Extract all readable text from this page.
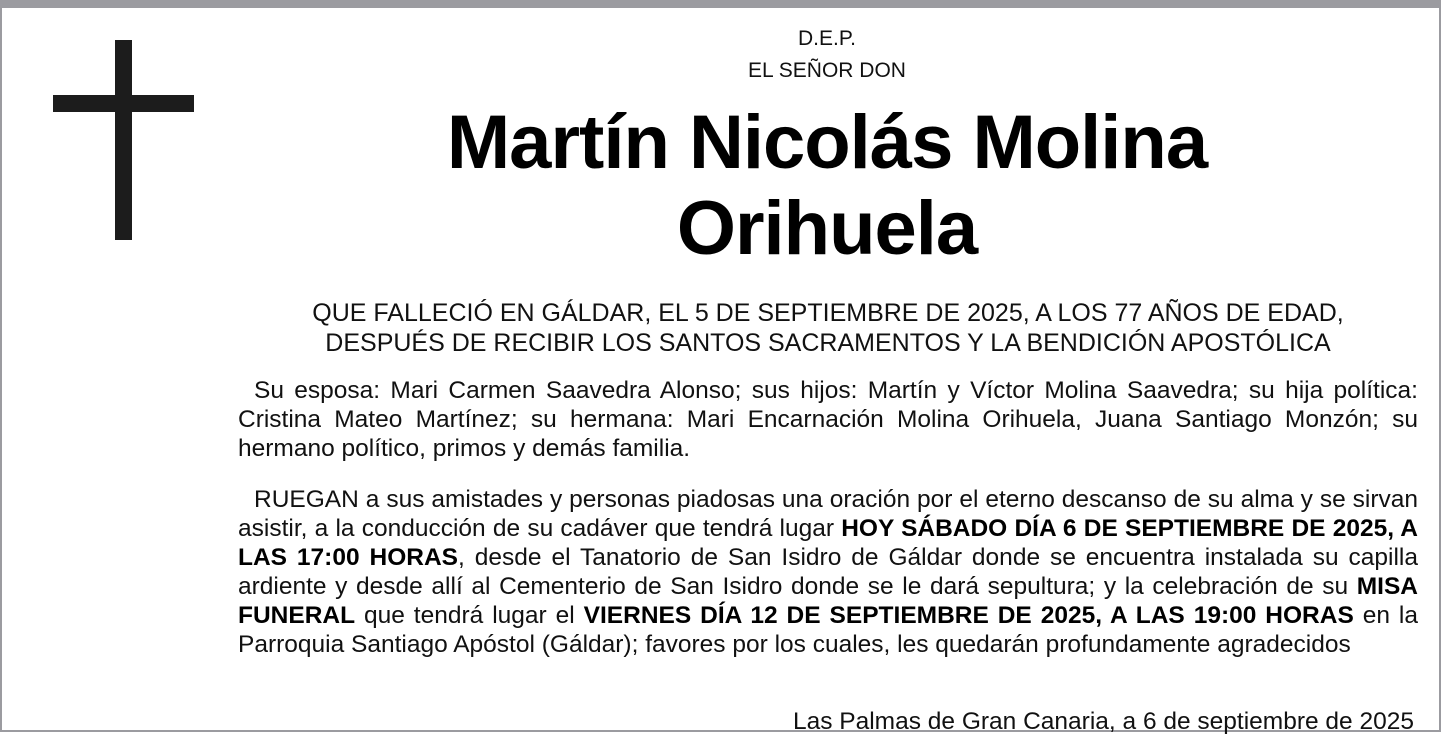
D.E.P.
EL SEÑOR DON
Martín Nicolás Molina
Orihuela
QUE FALLECIÓ EN GÁLDAR, EL 5 DE SEPTIEMBRE DE 2025, A LOS 77 AÑOS DE EDAD,
DESPUÉS DE RECIBIR LOS SANTOS SACRAMENTOS Y LA BENDICIÓN APOSTÓLICA
Su esposa: Mari Carmen Saavedra Alonso; sus hijos: Martín y Víctor Molina Saavedra; su hija política: Cristina Mateo Martínez; su hermana: Mari Encarnación Molina Orihuela, Juana Santiago Monzón; su hermano político, primos y demás familia.
RUEGAN a sus amistades y personas piadosas una oración por el eterno descanso de su alma y se sirvan asistir, a la conducción de su cadáver que tendrá lugar HOY SÁBADO DÍA 6 DE SEPTIEMBRE DE 2025, A LAS 17:00 HORAS, desde el Tanatorio de San Isidro de Gáldar donde se encuentra instalada su capilla ardiente y desde allí al Cementerio de San Isidro donde se le dará sepultura; y la celebración de su MISA FUNERAL que tendrá lugar el VIERNES DÍA 12 DE SEPTIEMBRE DE 2025, A LAS 19:00 HORAS en la Parroquia Santiago Apóstol (Gáldar); favores por los cuales, les quedarán profundamente agradecidos
Las Palmas de Gran Canaria, a 6 de septiembre de 2025
